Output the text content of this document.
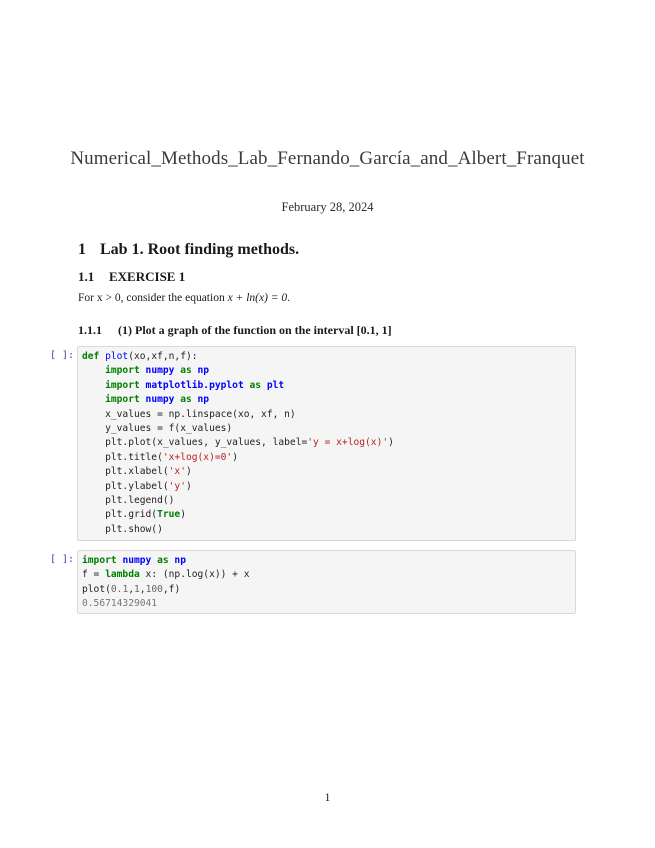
Numerical_Methods_Lab_Fernando_García_and_Albert_Franquet
February 28, 2024
1 Lab 1. Root finding methods.
1.1 EXERCISE 1
For x > 0, consider the equation x + ln(x) = 0.
1.1.1 (1) Plot a graph of the function on the interval [0.1, 1]
[ ]: def plot(xo,xf,n,f):
import numpy as np
import matplotlib.pyplot as plt
import numpy as np
x_values = np.linspace(xo, xf, n)
y_values = f(x_values)
plt.plot(x_values, y_values, label='y = x+log(x)')
plt.title('x+log(x)=0')
plt.xlabel('x')
plt.ylabel('y')
plt.legend()
plt.grid(True)
plt.show()
[ ]: import numpy as np
f = lambda x: (np.log(x)) + x
plot(0.1,1,100,f)
0.56714329041
1
